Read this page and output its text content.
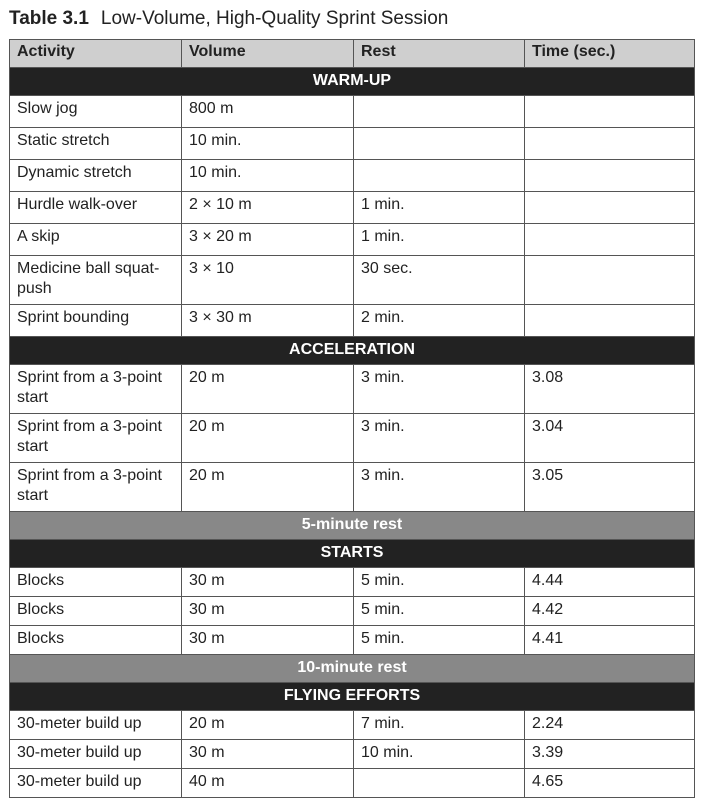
Table 3.1 Low-Volume, High-Quality Sprint Session
Activity	Volume	Rest	Time (sec.)
WARM-UP			
Slow jog	800 m		
Static stretch	10 min.		
Dynamic stretch	10 min.		
Hurdle walk-over	2 × 10 m	1 min.	
A skip	3 × 20 m	1 min.	
Medicine ball squat-push	3 × 10	30 sec.	
Sprint bounding	3 × 30 m	2 min.	
ACCELERATION			
Sprint from a 3-point start	20 m	3 min.	3.08
Sprint from a 3-point start	20 m	3 min.	3.04
Sprint from a 3-point start	20 m	3 min.	3.05
5-minute rest			
STARTS			
Blocks	30 m	5 min.	4.44
Blocks	30 m	5 min.	4.42
Blocks	30 m	5 min.	4.41
10-minute rest			
FLYING EFFORTS			
30-meter build up	20 m	7 min.	2.24
30-meter build up	30 m	10 min.	3.39
30-meter build up	40 m		4.65
